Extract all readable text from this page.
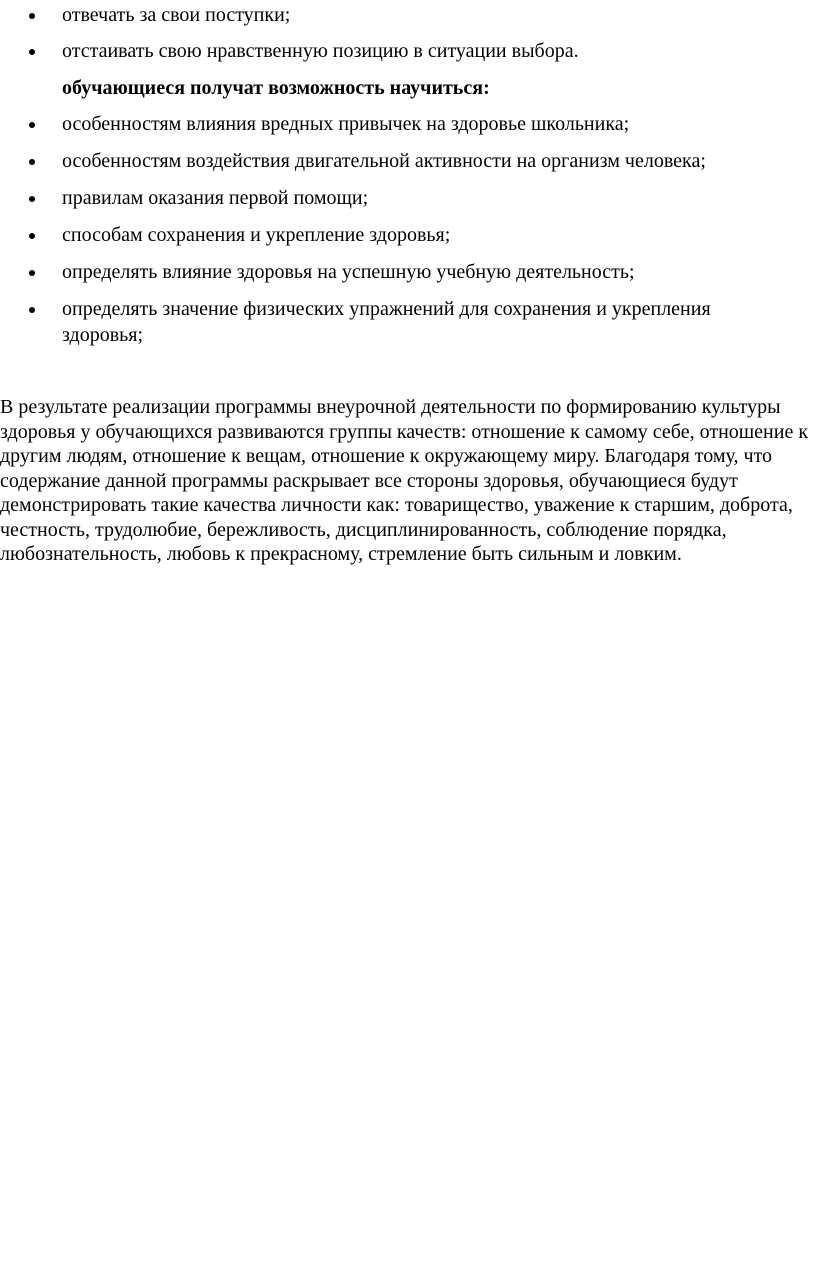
отвечать за свои поступки;
отстаивать свою нравственную позицию в ситуации выбора.
обучающиеся получат возможность научиться:
особенностям влияния вредных привычек на здоровье школьника;
особенностям воздействия двигательной активности на организм человека;
правилам оказания первой помощи;
способам сохранения и укрепление здоровья;
определять влияние здоровья на успешную учебную деятельность;
определять значение физических упражнений для сохранения и укрепления здоровья;

В результате реализации программы внеурочной деятельности по формированию культуры здоровья у обучающихся развиваются группы качеств: отношение к самому себе, отношение к другим людям, отношение к вещам, отношение к окружающему миру. Благодаря тому, что содержание данной программы раскрывает все стороны здоровья, обучающиеся будут демонстрировать такие качества личности как: товарищество, уважение к старшим, доброта, честность, трудолюбие, бережливость, дисциплинированность, соблюдение порядка, любознательность, любовь к прекрасному, стремление быть сильным и ловким.
